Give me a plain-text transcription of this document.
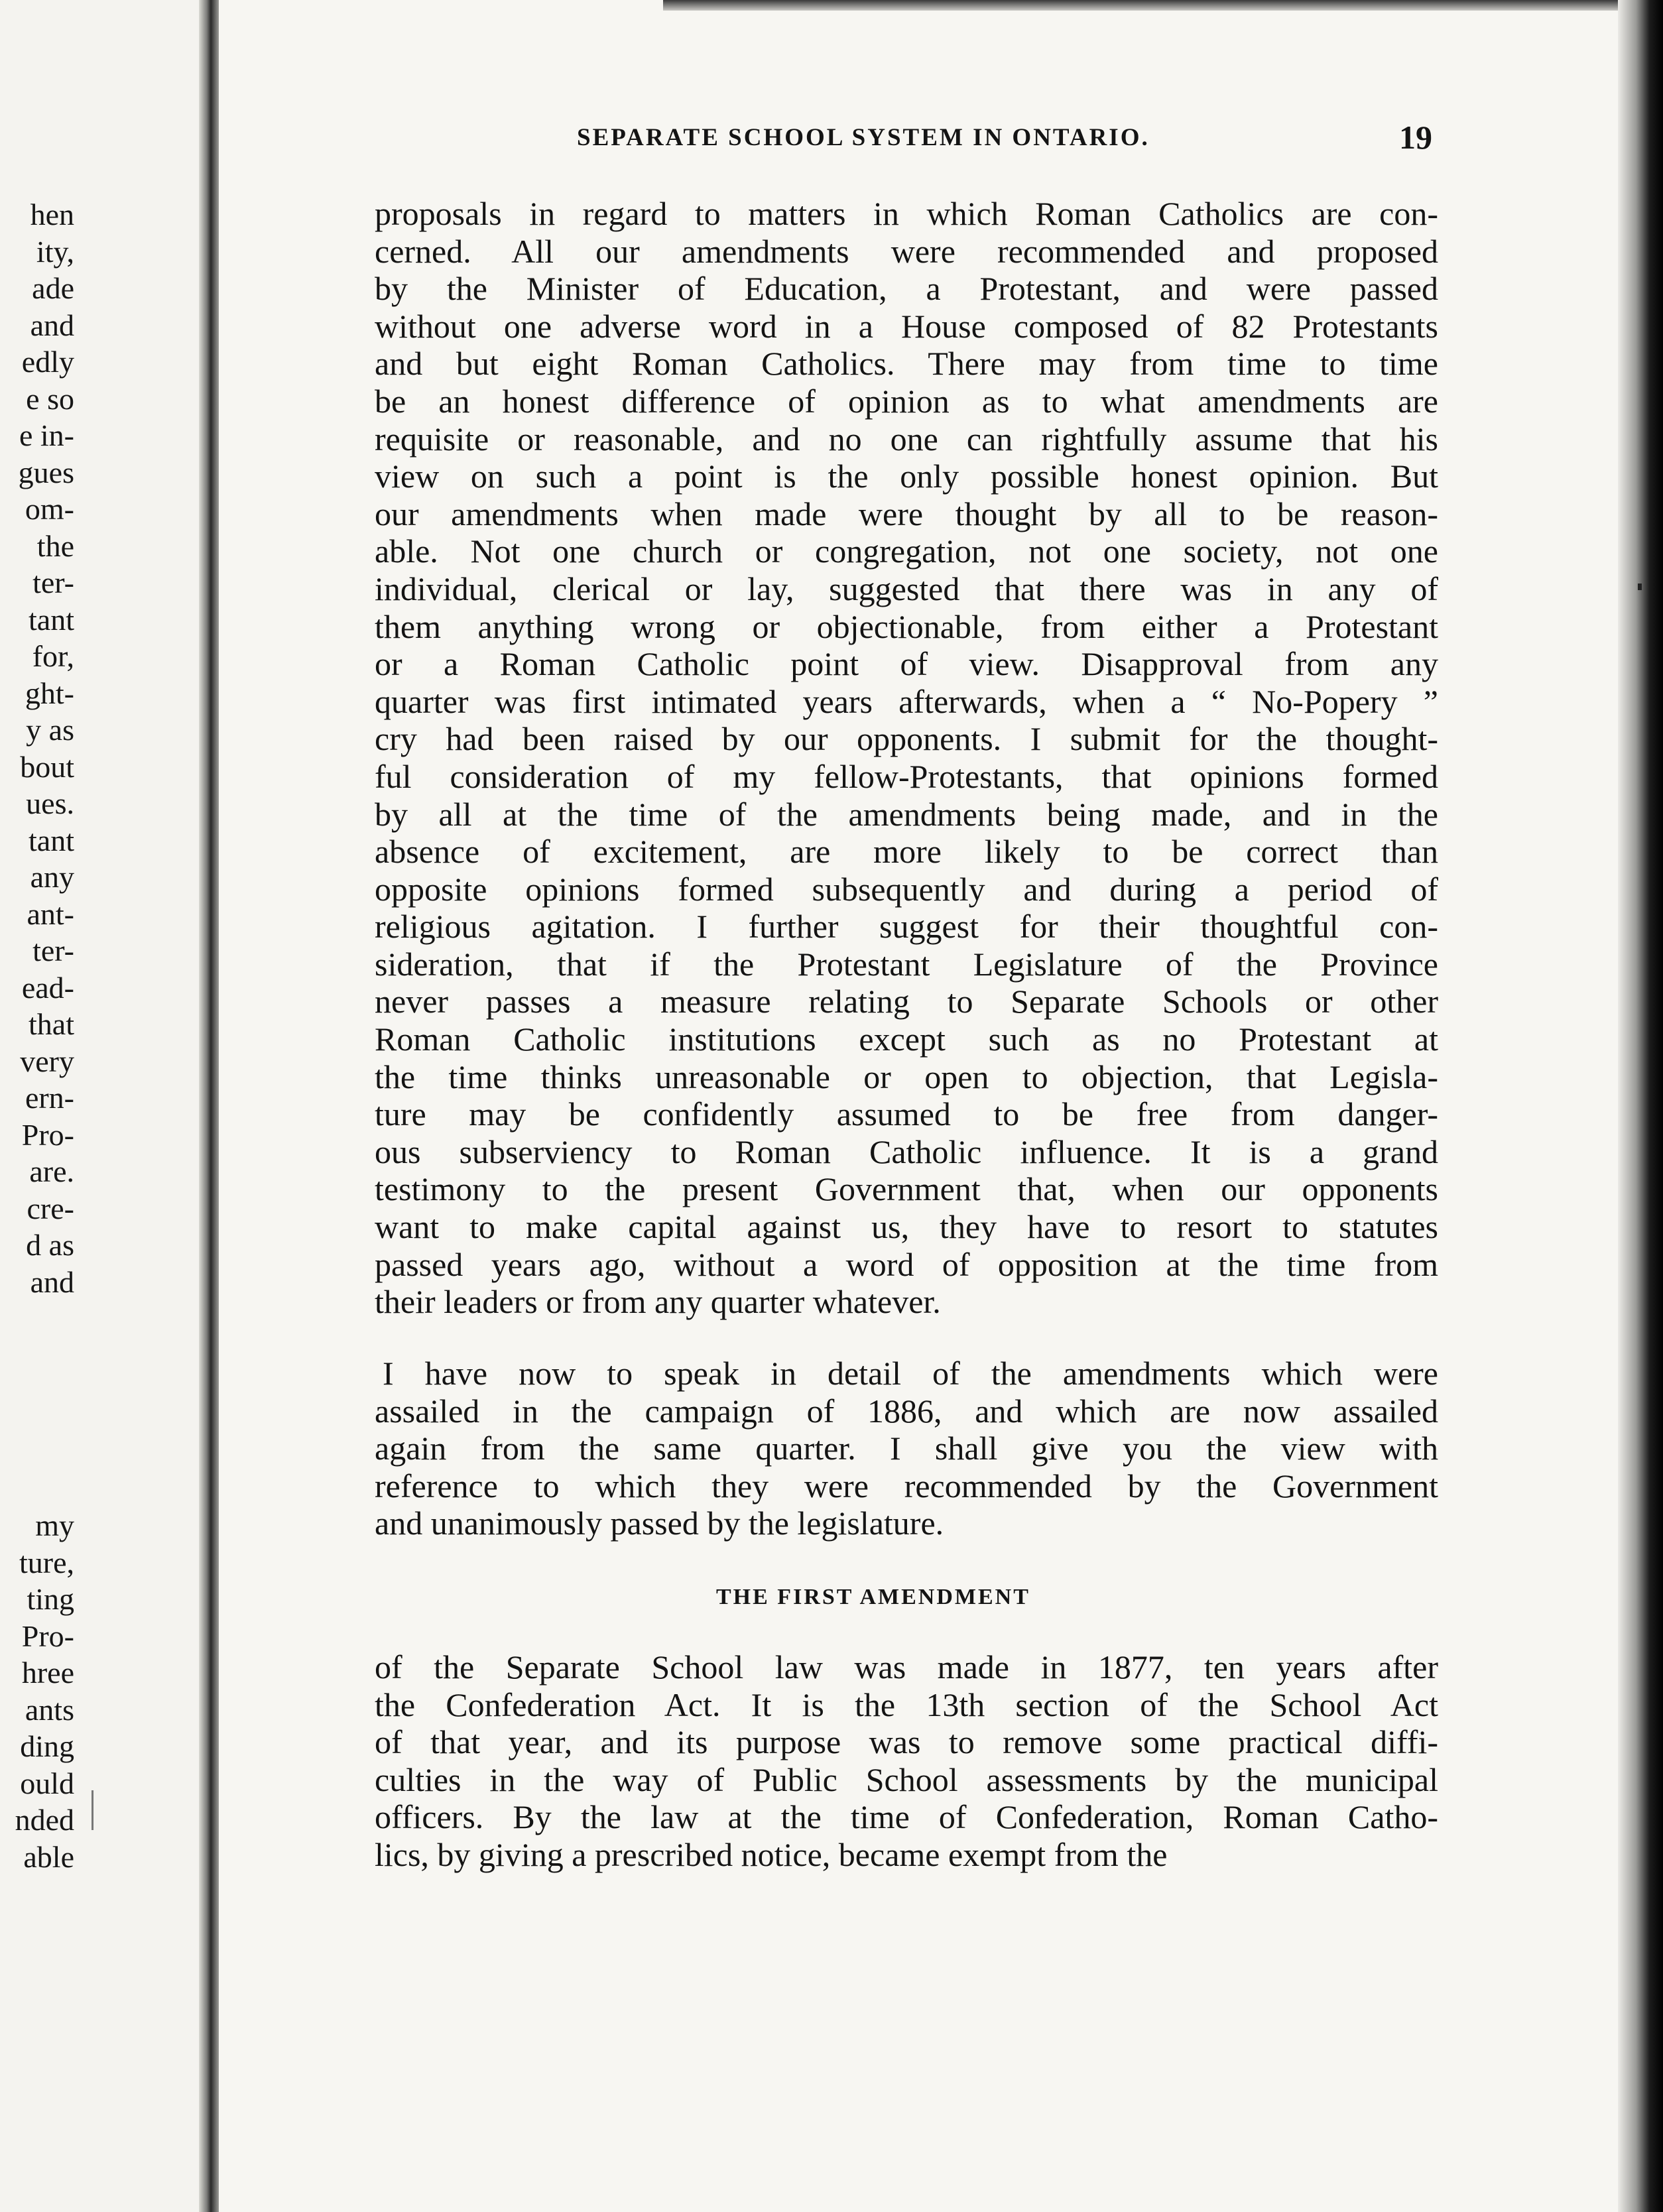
hen
ity,
ade
and
edly
e so
e in-
gues
om-
the
ter-
tant
for,
ght-
y as
bout
ues.
tant
any
ant-
ter-
ead-
that
very
ern-
Pro-
are.
cre-
d as
and
my
ture,
ting
Pro-
hree
ants
ding
ould
nded
able
SEPARATE SCHOOL SYSTEM IN ONTARIO.	19
proposals in regard to matters in which Roman Catholics are con-
cerned. All our amendments were recommended and proposed
by the Minister of Education, a Protestant, and were passed
without one adverse word in a House composed of 82 Protestants
and but eight Roman Catholics. There may from time to time
be an honest difference of opinion as to what amendments are
requisite or reasonable, and no one can rightfully assume that his
view on such a point is the only possible honest opinion. But
our amendments when made were thought by all to be reason-
able. Not one church or congregation, not one society, not one
individual, clerical or lay, suggested that there was in any of
them anything wrong or objectionable, from either a Protestant
or a Roman Catholic point of view. Disapproval from any
quarter was first intimated years afterwards, when a “ No-Popery ”
cry had been raised by our opponents. I submit for the thought-
ful consideration of my fellow-Protestants, that opinions formed
by all at the time of the amendments being made, and in the
absence of excitement, are more likely to be correct than
opposite opinions formed subsequently and during a period of
religious agitation. I further suggest for their thoughtful con-
sideration, that if the Protestant Legislature of the Province
never passes a measure relating to Separate Schools or other
Roman Catholic institutions except such as no Protestant at
the time thinks unreasonable or open to objection, that Legisla-
ture may be confidently assumed to be free from danger-
ous subserviency to Roman Catholic influence. It is a grand
testimony to the present Government that, when our opponents
want to make capital against us, they have to resort to statutes
passed years ago, without a word of opposition at the time from
their leaders or from any quarter whatever.
I have now to speak in detail of the amendments which were
assailed in the campaign of 1886, and which are now assailed
again from the same quarter. I shall give you the view with
reference to which they were recommended by the Government
and unanimously passed by the legislature.
THE FIRST AMENDMENT
of the Separate School law was made in 1877, ten years after
the Confederation Act. It is the 13th section of the School Act
of that year, and its purpose was to remove some practical diffi-
culties in the way of Public School assessments by the municipal
officers. By the law at the time of Confederation, Roman Catho-
lics, by giving a prescribed notice, became exempt from the
